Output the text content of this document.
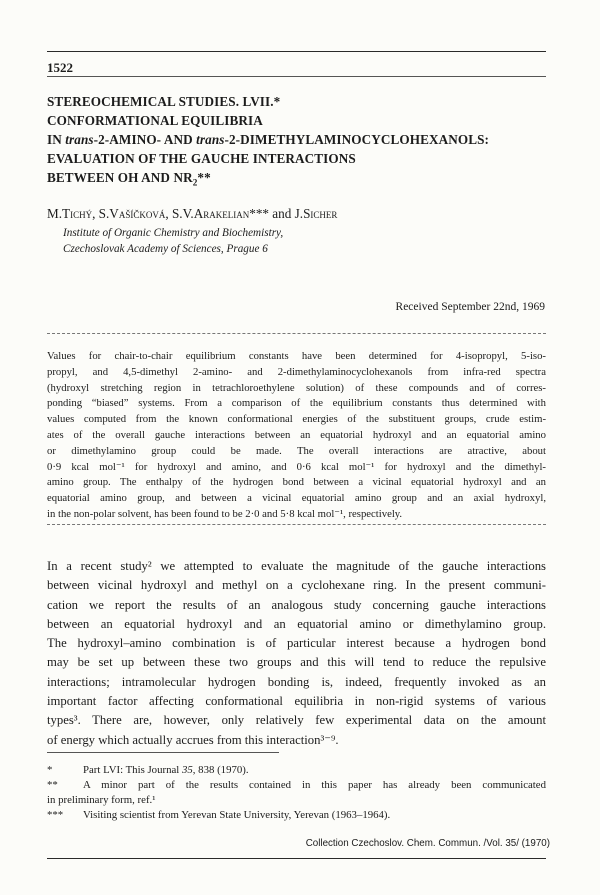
1522
STEREOCHEMICAL STUDIES. LVII.*
CONFORMATIONAL EQUILIBRIA
IN trans-2-AMINO- AND trans-2-DIMETHYLAMINOCYCLOHEXANOLS:
EVALUATION OF THE GAUCHE INTERACTIONS
BETWEEN OH AND $NR_2**$
M.Tichý, S.Vašíčková, S.V.Arakelian*** and J.Sicher
Institute of Organic Chemistry and Biochemistry,
Czechoslovak Academy of Sciences, Prague 6
Received September 22nd, 1969
Values for chair-to-chair equilibrium constants have been determined for 4-isopropyl, 5-iso-
propyl, and 4,5-dimethyl 2-amino- and 2-dimethylaminocyclohexanols from infra-red spectra
(hydroxyl stretching region in tetrachloroethylene solution) of these compounds and of corres-
ponding “biased” systems. From a comparison of the equilibrium constants thus determined with
values computed from the known conformational energies of the substituent groups, crude estim-
ates of the overall gauche interactions between an equatorial hydroxyl and an equatorial amino
or dimethylamino group could be made. The overall interactions are atractive, about
0·9 kcal mol⁻¹ for hydroxyl and amino, and 0·6 kcal mol⁻¹ for hydroxyl and the dimethyl-
amino group. The enthalpy of the hydrogen bond between a vicinal equatorial hydroxyl and an
equatorial amino group, and between a vicinal equatorial amino group and an axial hydroxyl,
in the non-polar solvent, has been found to be 2·0 and 5·8 kcal mol⁻¹, respectively.
In a recent study² we attempted to evaluate the magnitude of the gauche interactions
between vicinal hydroxyl and methyl on a cyclohexane ring. In the present communi-
cation we report the results of an analogous study concerning gauche interactions
between an equatorial hydroxyl and an equatorial amino or dimethylamino group.
The hydroxyl–amino combination is of particular interest because a hydrogen bond
may be set up between these two groups and this will tend to reduce the repulsive
interactions; intramolecular hydrogen bonding is, indeed, frequently invoked as an
important factor affecting conformational equilibria in non-rigid systems of various
types³. There are, however, only relatively few experimental data on the amount
of energy which actually accrues from this interaction³⁻⁹.
*	Part LVI: This Journal 35, 838 (1970).
** A minor part of the results contained in this paper has already been communicated
in preliminary form, ref.¹
*** Visiting scientist from Yerevan State University, Yerevan (1963–1964).
Collection Czechoslov. Chem. Commun. /Vol. 35/ (1970)
